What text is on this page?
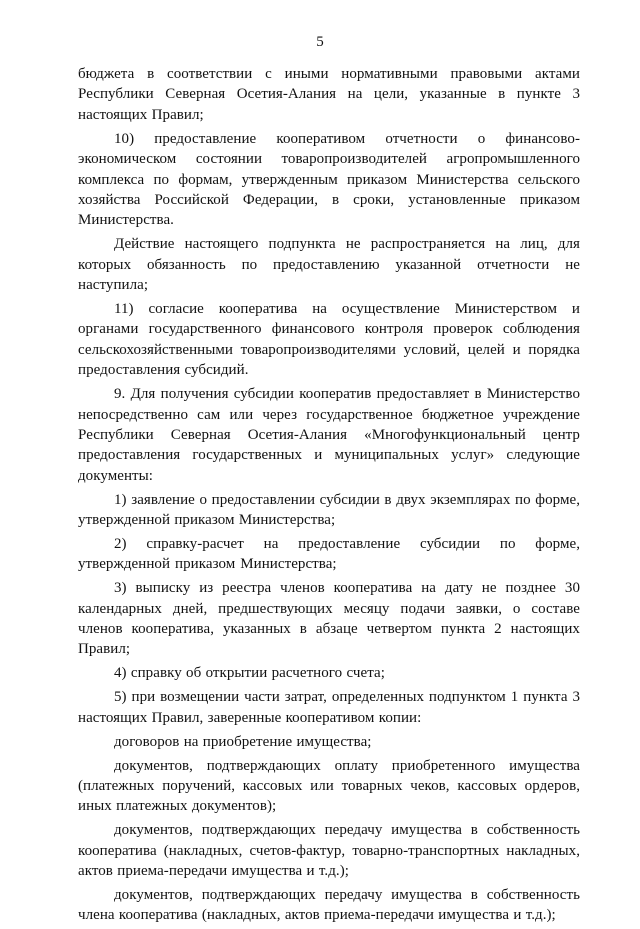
5

бюджета в соответствии с иными нормативными правовыми актами Республики Северная Осетия-Алания на цели, указанные в пункте 3 настоящих Правил;

10) предоставление кооперативом отчетности о финансово-экономическом состоянии товаропроизводителей агропромышленного комплекса по формам, утвержденным приказом Министерства сельского хозяйства Российской Федерации, в сроки, установленные приказом Министерства.

Действие настоящего подпункта не распространяется на лиц, для которых обязанность по предоставлению указанной отчетности не наступила;

11) согласие кооператива на осуществление Министерством и органами государственного финансового контроля проверок соблюдения сельскохозяйственными товаропроизводителями условий, целей и порядка предоставления субсидий.

9. Для получения субсидии кооператив предоставляет в Министерство непосредственно сам или через государственное бюджетное учреждение Республики Северная Осетия-Алания «Многофункциональный центр предоставления государственных и муниципальных услуг» следующие документы:

1) заявление о предоставлении субсидии в двух экземплярах по форме, утвержденной приказом Министерства;

2) справку-расчет на предоставление субсидии по форме, утвержденной приказом Министерства;

3) выписку из реестра членов кооператива на дату не позднее 30 календарных дней, предшествующих месяцу подачи заявки, о составе членов кооператива, указанных в абзаце четвертом пункта 2 настоящих Правил;

4) справку об открытии расчетного счета;

5) при возмещении части затрат, определенных подпунктом 1 пункта 3 настоящих Правил, заверенные кооперативом копии:

договоров на приобретение имущества;

документов, подтверждающих оплату приобретенного имущества (платежных поручений, кассовых или товарных чеков, кассовых ордеров, иных платежных документов);

документов, подтверждающих передачу имущества в собственность кооператива (накладных, счетов-фактур, товарно-транспортных накладных, актов приема-передачи имущества и т.д.);

документов, подтверждающих передачу имущества в собственность члена кооператива (накладных, актов приема-передачи имущества и т.д.);
